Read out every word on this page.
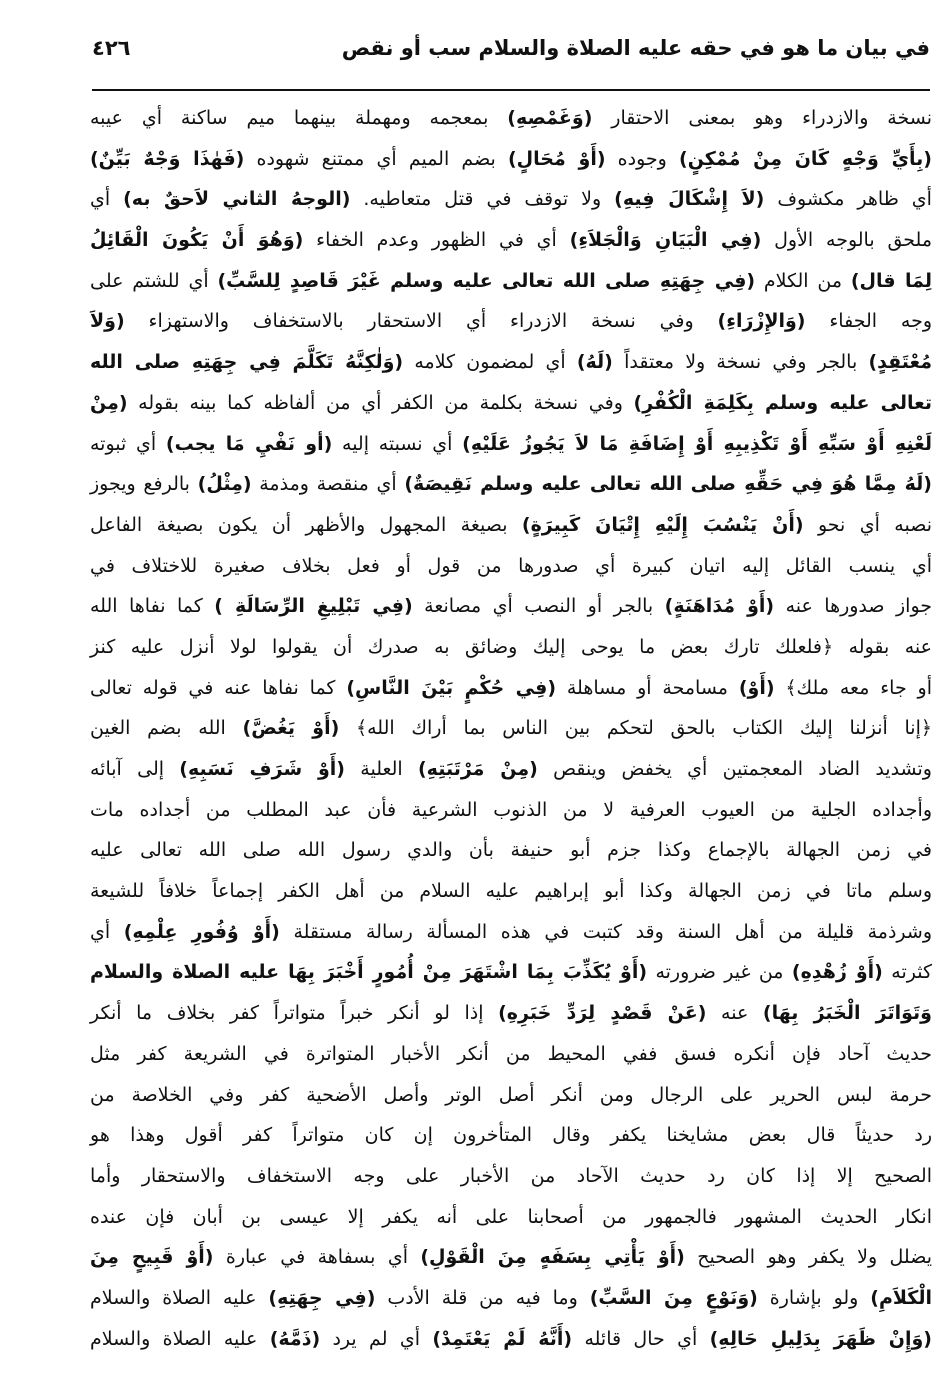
في بيان ما هو في حقه عليه الصلاة والسلام سب أو نقص
٤٢٦
نسخة والازدراء وهو بمعنى الاحتقار (وَغَمْصِهِ) بمعجمه ومهملة بينهما ميم ساكنة أي عيبه
(بِأَيِّ وَجْهٍ كَانَ مِنْ مُمْكِنٍ) وجوده (أَوْ مُحَالٍ) بضم الميم أي ممتنع شهوده (فَهٰذَا وَجْهٌ بَيِّنٌ)
أي ظاهر مكشوف (لاَ إِشْكَالَ فِيهِ) ولا توقف في قتل متعاطيه. (الوجهُ الثاني لاَحقٌ به) أي
ملحق بالوجه الأول (فِي الْبَيَانِ وَالْجَلاَءِ) أي في الظهور وعدم الخفاء (وَهُوَ أَنْ يَكُونَ الْقَائِلُ
لِمَا قال) من الكلام (فِي جِهَتِهِ صلى الله تعالى عليه وسلم غَيْرَ قَاصِدٍ لِلسَّبِّ) أي للشتم على
وجه الجفاء (وَالإِزْرَاءِ) وفي نسخة الازدراء أي الاستحقار بالاستخفاف والاستهزاء (وَلاَ
مُعْتَقِدٍ) بالجر وفي نسخة ولا معتقداً (لَهُ) أي لمضمون كلامه (وَلٰكِنَّهُ تَكَلَّمَ فِي جِهَتِهِ صلى الله
تعالى عليه وسلم بِكَلِمَةِ الْكُفْرِ) وفي نسخة بكلمة من الكفر أي من ألفاظه كما بينه بقوله (مِنْ
لَعْنِهِ أَوْ سَبِّهِ أَوْ تَكْذِيبِهِ أَوْ إِضَافَةِ مَا لاَ يَجُوزُ عَلَيْهِ) أي نسبته إليه (أو نَفْيِ مَا يجب) أي ثبوته
(لَهُ مِمَّا هُوَ فِي حَقِّهِ صلى الله تعالى عليه وسلم نَقِيصَةٌ) أي منقصة ومذمة (مِثْلُ) بالرفع ويجوز
نصبه أي نحو (أَنْ يَنْسُبَ إِلَيْهِ إِتْيَانَ كَبِيرَةٍ) بصيغة المجهول والأظهر أن يكون بصيغة الفاعل
أي ينسب القائل إليه اتيان كبيرة أي صدورها من قول أو فعل بخلاف صغيرة للاختلاف في
جواز صدورها عنه (أَوْ مُدَاهَنَةٍ) بالجر أو النصب أي مصانعة (فِي تَبْلِيغِ الرِّسَالَةِ ) كما نفاها الله
عنه بقوله ﴿فلعلك تارك بعض ما يوحى إليك وضائق به صدرك أن يقولوا لولا أنزل عليه كنز
أو جاء معه ملك﴾ (أَوْ) مسامحة أو مساهلة (فِي حُكْمٍ بَيْنَ النَّاسِ) كما نفاها عنه في قوله تعالى
﴿إنا أنزلنا إليك الكتاب بالحق لتحكم بين الناس بما أراك الله﴾ (أَوْ يَغُضَّ) الله بضم الغين
وتشديد الضاد المعجمتين أي يخفض وينقص (مِنْ مَرْتَبَتِهِ) العلية (أَوْ شَرَفِ نَسَبِهِ) إلى آبائه
وأجداده الجلية من العيوب العرفية لا من الذنوب الشرعية فأن عبد المطلب من أجداده مات
في زمن الجهالة بالإجماع وكذا جزم أبو حنيفة بأن والدي رسول الله صلى الله تعالى عليه
وسلم ماتا في زمن الجهالة وكذا أبو إبراهيم عليه السلام من أهل الكفر إجماعاً خلافاً للشيعة
وشرذمة قليلة من أهل السنة وقد كتبت في هذه المسألة رسالة مستقلة (أَوْ وُفُورِ عِلْمِهِ) أي
كثرته (أَوْ زُهْدِهِ) من غير ضرورته (أَوْ يُكَذِّبَ بِمَا اشْتَهَرَ مِنْ أُمُورٍ أَخْبَرَ بِهَا عليه الصلاة والسلام
وَتَوَاتَرَ الْخَبَرُ بِهَا) عنه (عَنْ قَصْدٍ لِرَدِّ خَبَرِهِ) إذا لو أنكر خبراً متواتراً كفر بخلاف ما أنكر
حديث آحاد فإن أنكره فسق ففي المحيط من أنكر الأخبار المتواترة في الشريعة كفر مثل
حرمة لبس الحرير على الرجال ومن أنكر أصل الوتر وأصل الأضحية كفر وفي الخلاصة من
رد حديثاً قال بعض مشايخنا يكفر وقال المتأخرون إن كان متواتراً كفر أقول وهذا هو
الصحيح إلا إذا كان رد حديث الآحاد من الأخبار على وجه الاستخفاف والاستحقار وأما
انكار الحديث المشهور فالجمهور من أصحابنا على أنه يكفر إلا عيسى بن أبان فإن عنده
يضلل ولا يكفر وهو الصحيح (أَوْ يَأْتِي بِسَفَهٍ مِنَ الْقَوْلِ) أي بسفاهة في عبارة (أَوْ قَبِيحٍ مِنَ
الْكَلاَمِ) ولو بإشارة (وَنَوْعٍ مِنَ السَّبِّ) وما فيه من قلة الأدب (فِي جِهَتِهِ) عليه الصلاة والسلام
(وَإِنْ ظَهَرَ بِدَلِيلِ حَالِهِ) أي حال قائله (أَنَّهُ لَمْ يَعْتَمِدْ) أي لم يرد (ذَمَّهُ) عليه الصلاة والسلام
